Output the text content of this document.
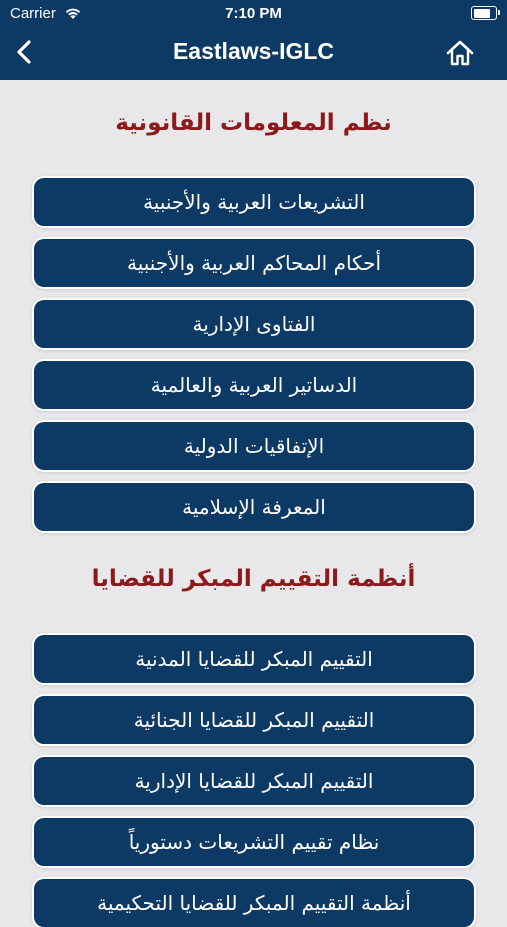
Carrier	7:10 PM
Eastlaws-IGLC
نظم المعلومات القانونية
التشريعات العربية والأجنبية
أحكام المحاكم العربية والأجنبية
الفتاوى الإدارية
الدساتير العربية والعالمية
الإتفاقيات الدولية
المعرفة الإسلامية
أنظمة التقييم المبكر للقضايا
التقييم المبكر للقضايا المدنية
التقييم المبكر للقضايا الجنائية
التقييم المبكر للقضايا الإدارية
نظام تقييم التشريعات دستورياً
أنظمة التقييم المبكر للقضايا التحكيمية
